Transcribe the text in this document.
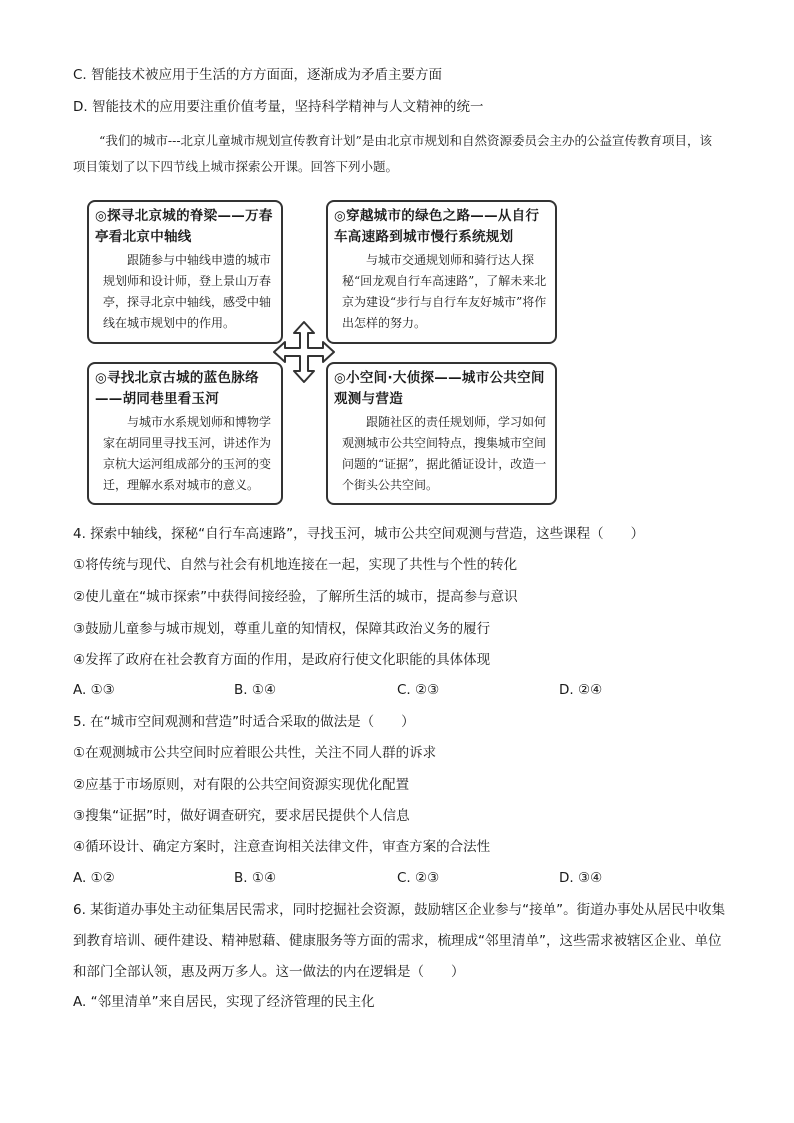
C. 智能技术被应用于生活的方方面面，逐渐成为矛盾主要方面
D. 智能技术的应用要注重价值考量，坚持科学精神与人文精神的统一
“我们的城市---北京儿童城市规划宣传教育计划”是由北京市规划和自然资源委员会主办的公益宣传教育项目，该项目策划了以下四节线上城市探索公开课。回答下列小题。
◎探寻北京城的脊梁——万春亭看北京中轴线
跟随参与中轴线申遗的城市规划师和设计师，登上景山万春亭，探寻北京中轴线，感受中轴线在城市规划中的作用。
◎穿越城市的绿色之路——从自行车高速路到城市慢行系统规划
与城市交通规划师和骑行达人探秘“回龙观自行车高速路”，了解未来北京为建设“步行与自行车友好城市”将作出怎样的努力。
◎寻找北京古城的蓝色脉络——胡同巷里看玉河
与城市水系规划师和博物学家在胡同里寻找玉河，讲述作为京杭大运河组成部分的玉河的变迁，理解水系对城市的意义。
◎小空间·大侦探——城市公共空间观测与营造
跟随社区的责任规划师，学习如何观测城市公共空间特点，搜集城市空间问题的“证据”，据此循证设计，改造一个街头公共空间。
4. 探索中轴线，探秘“自行车高速路”，寻找玉河，城市公共空间观测与营造，这些课程（　　）
①将传统与现代、自然与社会有机地连接在一起，实现了共性与个性的转化
②使儿童在“城市探索”中获得间接经验，了解所生活的城市，提高参与意识
③鼓励儿童参与城市规划，尊重儿童的知情权，保障其政治义务的履行
④发挥了政府在社会教育方面的作用，是政府行使文化职能的具体体现
A. ①③	B. ①④	C. ②③	D. ②④
5. 在“城市空间观测和营造”时适合采取的做法是（　　）
①在观测城市公共空间时应着眼公共性，关注不同人群的诉求
②应基于市场原则，对有限的公共空间资源实现优化配置
③搜集“证据”时，做好调查研究，要求居民提供个人信息
④循环设计、确定方案时，注意查询相关法律文件，审查方案的合法性
A. ①②	B. ①④	C. ②③	D. ③④
6. 某街道办事处主动征集居民需求，同时挖掘社会资源，鼓励辖区企业参与“接单”。街道办事处从居民中收集到教育培训、硬件建设、精神慰藉、健康服务等方面的需求，梳理成“邻里清单”，这些需求被辖区企业、单位和部门全部认领，惠及两万多人。这一做法的内在逻辑是（　　）
A. “邻里清单”来自居民，实现了经济管理的民主化
